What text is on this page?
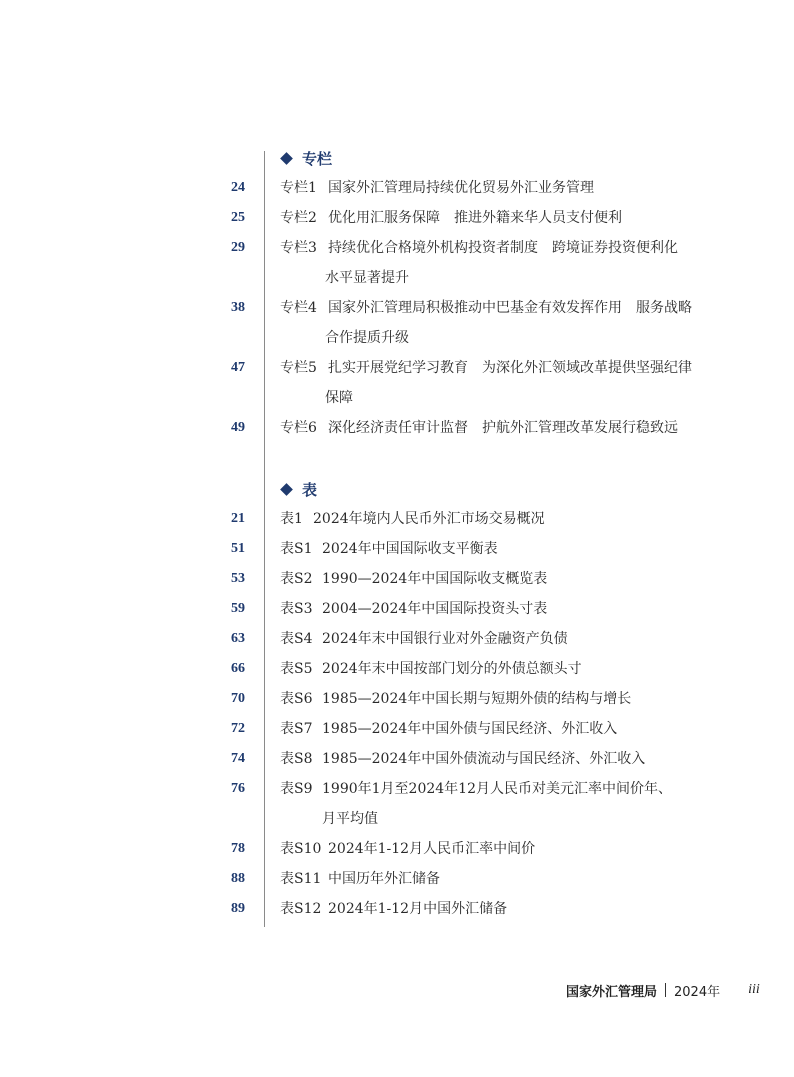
专栏
24	专栏1 国家外汇管理局持续优化贸易外汇业务管理
25	专栏2 优化用汇服务保障　推进外籍来华人员支付便利
29	专栏3 持续优化合格境外机构投资者制度　跨境证券投资便利化
水平显著提升
38	专栏4 国家外汇管理局积极推动中巴基金有效发挥作用　服务战略
合作提质升级
47	专栏5 扎实开展党纪学习教育　为深化外汇领域改革提供坚强纪律
保障
49	专栏6 深化经济责任审计监督　护航外汇管理改革发展行稳致远
表
21	表1 2024年境内人民币外汇市场交易概况
51	表S1 2024年中国国际收支平衡表
53	表S2 1990—2024年中国国际收支概览表
59	表S3 2004—2024年中国国际投资头寸表
63	表S4 2024年末中国银行业对外金融资产负债
66	表S5 2024年末中国按部门划分的外债总额头寸
70	表S6 1985—2024年中国长期与短期外债的结构与增长
72	表S7 1985—2024年中国外债与国民经济、外汇收入
74	表S8 1985—2024年中国外债流动与国民经济、外汇收入
76	表S9 1990年1月至2024年12月人民币对美元汇率中间价年、
月平均值
78	表S10 2024年1-12月人民币汇率中间价
88	表S11 中国历年外汇储备
89	表S12 2024年1-12月中国外汇储备
国家外汇管理局 2024年 iii
